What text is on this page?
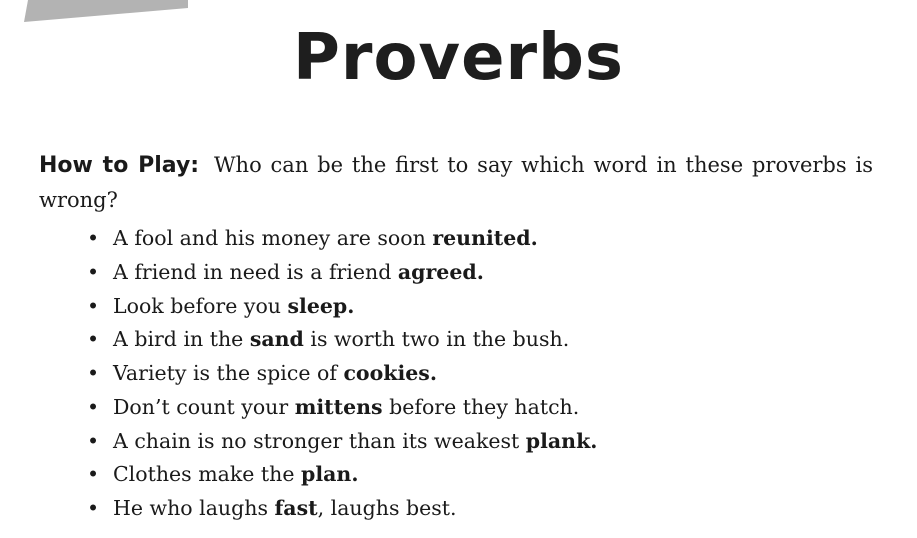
Proverbs

How to Play: Who can be the first to say which word in these proverbs is wrong?

• A fool and his money are soon reunited.
• A friend in need is a friend agreed.
• Look before you sleep.
• A bird in the sand is worth two in the bush.
• Variety is the spice of cookies.
• Don’t count your mittens before they hatch.
• A chain is no stronger than its weakest plank.
• Clothes make the plan.
• He who laughs fast, laughs best.
